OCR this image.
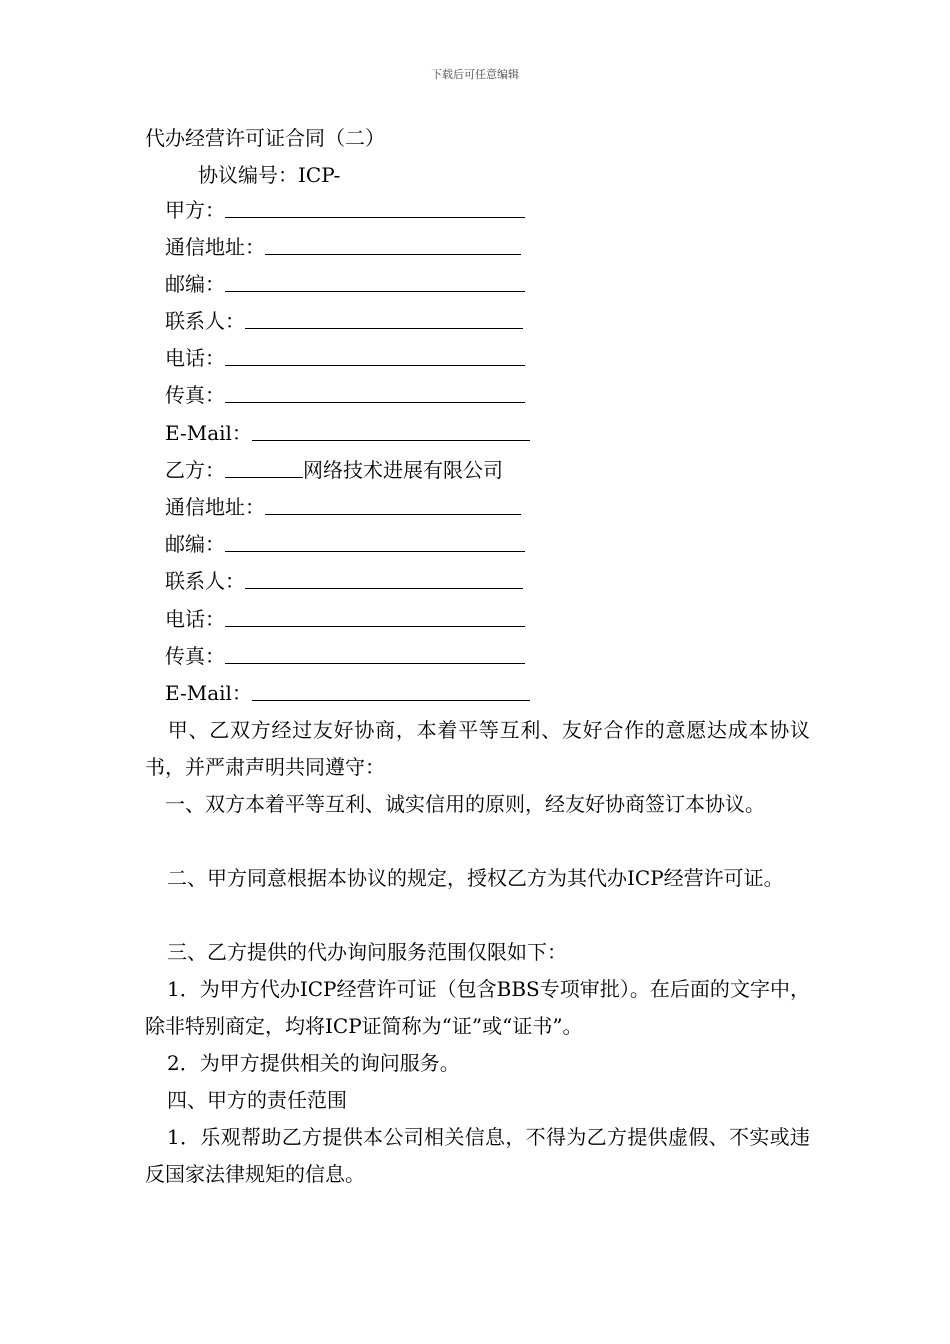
下载后可任意编辑
代办经营许可证合同（二）
协议编号：ICP-
甲方：
通信地址：
邮编：
联系人：
电话：
传真：
E-Mail：
乙方：	网络技术进展有限公司
通信地址：
邮编：
联系人：
电话：
传真：
E-Mail：
甲、乙双方经过友好协商，本着平等互利、友好合作的意愿达成本协议书，并严肃声明共同遵守：
一、双方本着平等互利、诚实信用的原则，经友好协商签订本协议。
二、甲方同意根据本协议的规定，授权乙方为其代办ICP经营许可证。
三、乙方提供的代办询问服务范围仅限如下：
1．为甲方代办ICP经营许可证（包含BBS专项审批）。在后面的文字中，除非特别商定，均将ICP证简称为“证”或“证书”。
2．为甲方提供相关的询问服务。
四、甲方的责任范围
1．乐观帮助乙方提供本公司相关信息，不得为乙方提供虚假、不实或违反国家法律规矩的信息。
